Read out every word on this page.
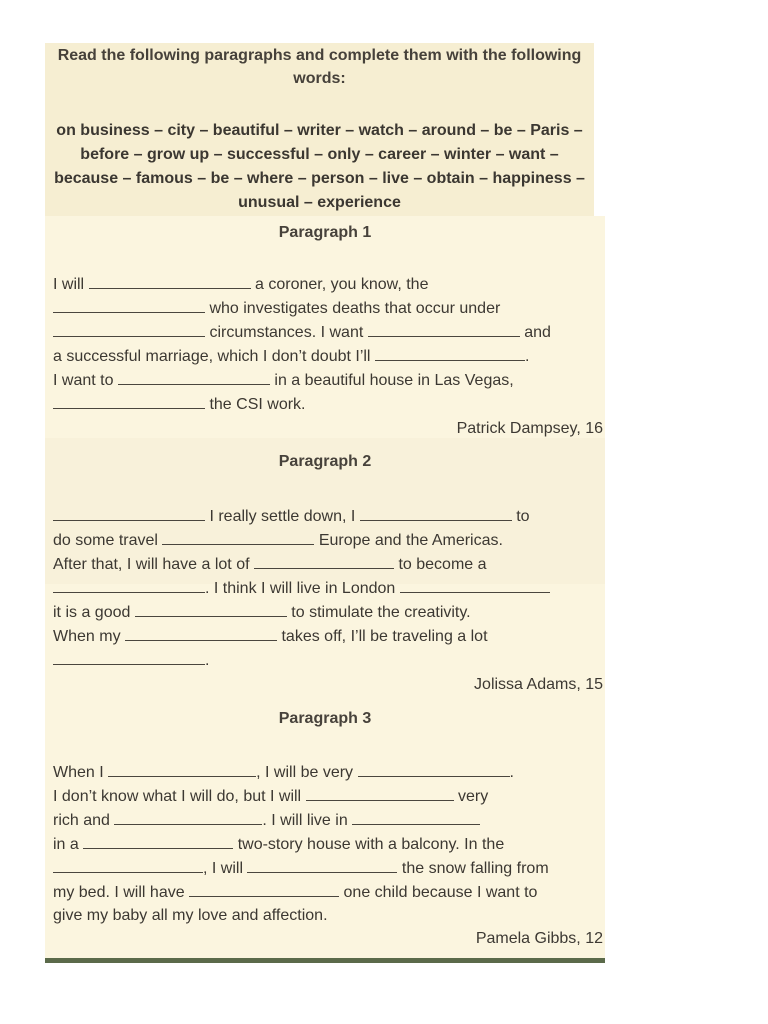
Read the following paragraphs and complete them with the following words:
on business – city – beautiful – writer – watch – around – be – Paris – before – grow up – successful – only – career – winter – want – because – famous – be – where – person – live – obtain – happiness – unusual – experience
Paragraph 1
I will	a coroner, you know, the
who investigates deaths that occur under
circumstances. I want	and
a successful marriage, which I don’t doubt I’ll	.
I want to	in a beautiful house in Las Vegas,
the CSI work.
Patrick Dampsey, 16
Paragraph 2
I really settle down, I	to
do some travel	Europe and the Americas.
After that, I will have a lot of	to become a
. I think I will live in London
it is a good	to stimulate the creativity.
When my	takes off, I’ll be traveling a lot
.
Jolissa Adams, 15
Paragraph 3
When I	, I will be very	.
I don’t know what I will do, but I will	very
rich and	. I will live in
in a	two-story house with a balcony. In the
, I will	the snow falling from
my bed. I will have	one child because I want to
give my baby all my love and affection.
Pamela Gibbs, 12
